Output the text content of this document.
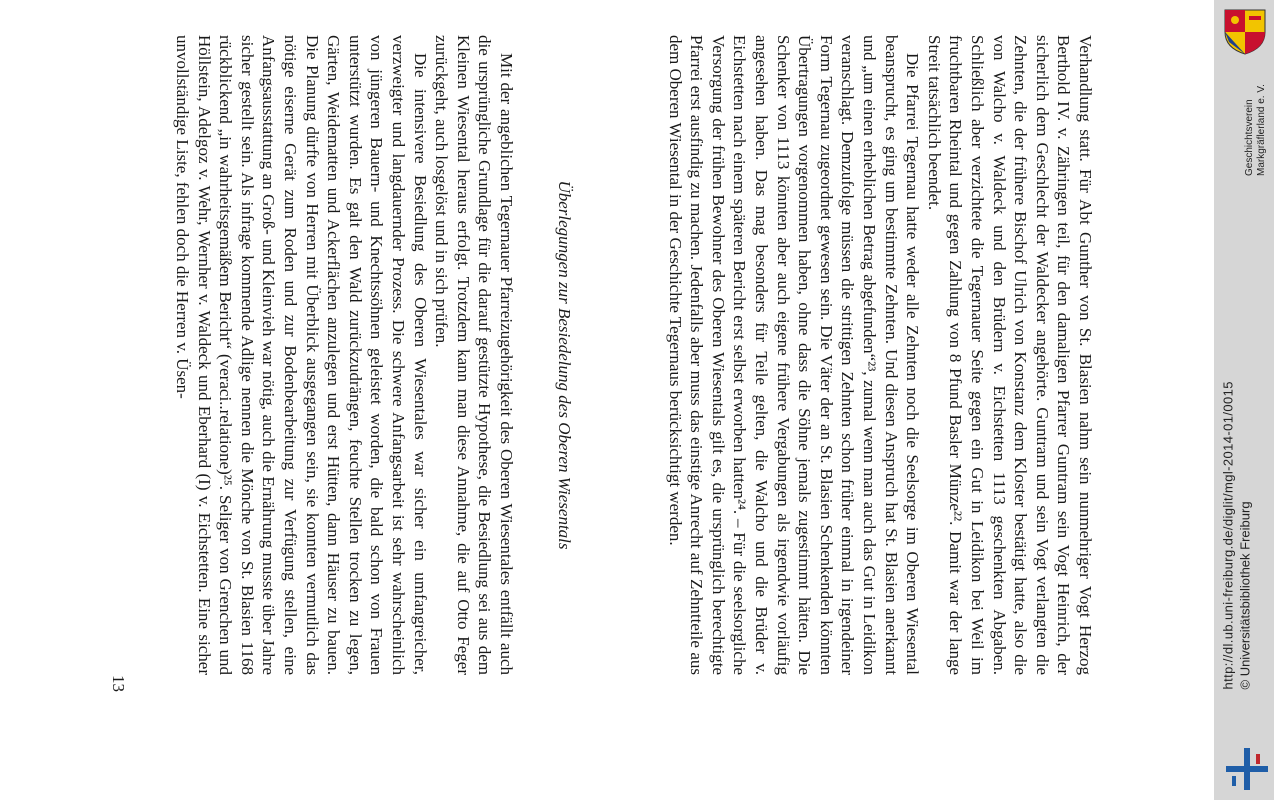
Verhandlung statt. Für Abt Gunther von St. Blasien nahm sein nunmehriger Vogt Herzog Berthold IV. v. Zähringen teil, für den damaligen Pfarrer Guntram sein Vogt Heinrich, der sicherlich dem Geschlecht der Waldecker angehörte. Guntram und sein Vogt verlangten die Zehnten, die der frühere Bischof Ulrich von Konstanz dem Kloster bestätigt hatte, also die von Walcho v. Waldeck und den Brüdern v. Eichstetten 1113 geschenkten Abgaben. Schließlich aber verzichtete die Tegernauer Seite gegen ein Gut in Leidikon bei Weil im fruchtbaren Rheintal und gegen Zahlung von 8 Pfund Basler Münze²². Damit war der lange Streit tatsächlich beendet.

Die Pfarrei Tegernau hatte weder alle Zehnten noch die Seelsorge im Oberen Wiesental beansprucht, es ging um bestimmte Zehnten. Und diesen Anspruch hat St. Blasien anerkannt und „um einen erheblichen Betrag abgefunden“²³, zumal wenn man auch das Gut in Leidikon veranschlagt. Demzufolge müssen die strittigen Zehnten schon früher einmal in irgendeiner Form Tegernau zugeordnet gewesen sein. Die Väter der an St. Blasien Schenkenden könnten Übertragungen vorgenommen haben, ohne dass die Söhne jemals zugestimmt hätten. Die Schenker von 1113 könnten aber auch eigene frühere Vergabungen als irgendwie vorläufig angesehen haben. Das mag besonders für Teile gelten, die Walcho und die Brüder v. Eichstetten nach einem späteren Bericht erst selbst erworben hatten²⁴. – Für die seelsorgliche Versorgung der frühen Bewohner des Oberen Wiesentals gilt es, die ursprünglich berechtigte Pfarrei erst ausfindig zu machen. Jedenfalls aber muss das einstige Anrecht auf Zehntteile aus dem Oberen Wiesental in der Geschichte Tegernaus berücksichtigt werden.

Überlegungen zur Besiedelung des Oberen Wiesentals

Mit der angeblichen Tegernauer Pfarreizugehörigkeit des Oberen Wiesentales entfällt auch die ursprüngliche Grundlage für die darauf gestützte Hypothese, die Besiedlung sei aus dem Kleinen Wiesental heraus erfolgt. Trotzdem kann man diese Annahme, die auf Otto Feger zurückgeht, auch losgelöst und in sich prüfen.

Die intensivere Besiedlung des Oberen Wiesentales war sicher ein umfangreicher, verzweigter und langdauernder Prozess. Die schwere Anfangsarbeit ist sehr wahrscheinlich von jüngeren Bauern- und Knechtssöhnen geleistet worden, die bald schon von Frauen unterstützt wurden. Es galt den Wald zurückzudrängen, feuchte Stellen trocken zu legen, Gärten, Weidematten und Ackerflächen anzulegen und erst Hütten, dann Häuser zu bauen. Die Planung dürfte von Herren mit Überblick ausgegangen sein, sie konnten vermutlich das nötige eiserne Gerät zum Roden und zur Bodenbearbeitung zur Verfügung stellen, eine Anfangsausstattung an Groß- und Kleinvieh war nötig, auch die Ernährung musste über Jahre sicher gestellt sein. Als infrage kommende Adlige nennen die Mönche von St. Blasien 1168 rückblickend „in wahrheitsgemäßem Bericht“ (veraci..relatione)²⁵. Seliger von Grenchen und Höllstein, Adelgoz v. Wehr, Wernher v. Waldeck und Eberhard (I) v. Eichstetten. Eine sicher unvollständige Liste, fehlen doch die Herren v. Üsen-

13
Geschichtsverein Markgräflerland e. V.
http://dl.ub.uni-freiburg.de/diglit/mgl-2014-01/0015 © Universitätsbibliothek Freiburg
